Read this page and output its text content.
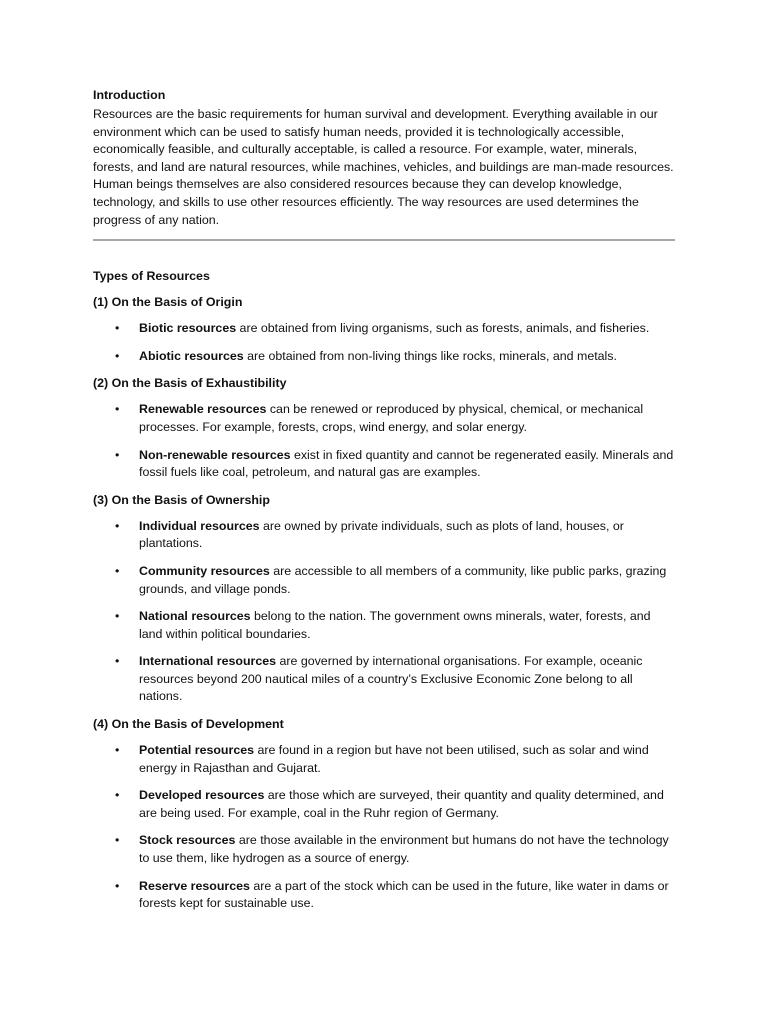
Introduction

Resources are the basic requirements for human survival and development. Everything available in our environment which can be used to satisfy human needs, provided it is technologically accessible, economically feasible, and culturally acceptable, is called a resource. For example, water, minerals, forests, and land are natural resources, while machines, vehicles, and buildings are man-made resources. Human beings themselves are also considered resources because they can develop knowledge, technology, and skills to use other resources efficiently. The way resources are used determines the progress of any nation.

Types of Resources

(1) On the Basis of Origin

• Biotic resources are obtained from living organisms, such as forests, animals, and fisheries.
• Abiotic resources are obtained from non-living things like rocks, minerals, and metals.

(2) On the Basis of Exhaustibility

• Renewable resources can be renewed or reproduced by physical, chemical, or mechanical processes. For example, forests, crops, wind energy, and solar energy.
• Non-renewable resources exist in fixed quantity and cannot be regenerated easily. Minerals and fossil fuels like coal, petroleum, and natural gas are examples.

(3) On the Basis of Ownership

• Individual resources are owned by private individuals, such as plots of land, houses, or plantations.
• Community resources are accessible to all members of a community, like public parks, grazing grounds, and village ponds.
• National resources belong to the nation. The government owns minerals, water, forests, and land within political boundaries.
• International resources are governed by international organisations. For example, oceanic resources beyond 200 nautical miles of a country’s Exclusive Economic Zone belong to all nations.

(4) On the Basis of Development

• Potential resources are found in a region but have not been utilised, such as solar and wind energy in Rajasthan and Gujarat.
• Developed resources are those which are surveyed, their quantity and quality determined, and are being used. For example, coal in the Ruhr region of Germany.
• Stock resources are those available in the environment but humans do not have the technology to use them, like hydrogen as a source of energy.
• Reserve resources are a part of the stock which can be used in the future, like water in dams or forests kept for sustainable use.
